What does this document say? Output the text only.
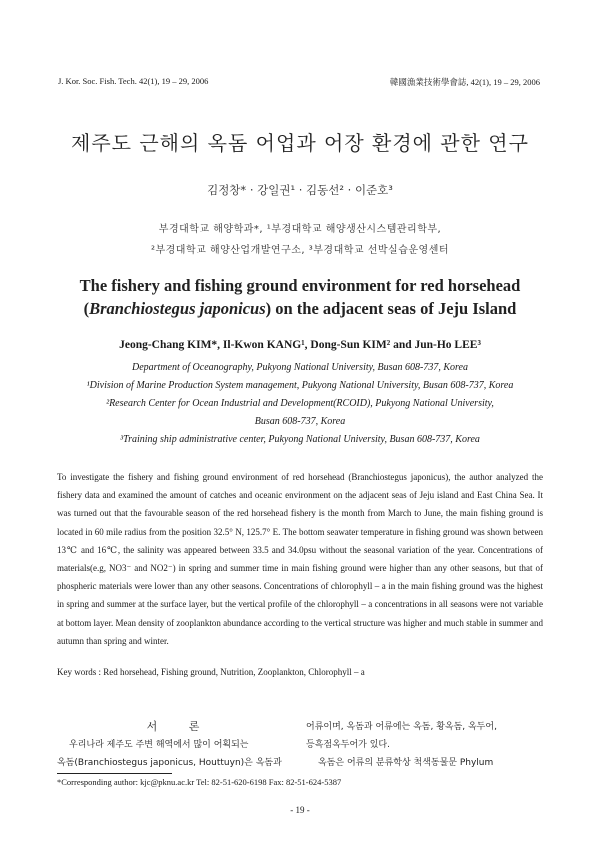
J. Kor. Soc. Fish. Tech. 42(1), 19 – 29, 2006	韓國漁業技術學會誌, 42(1), 19 – 29, 2006
제주도 근해의 옥돔 어업과 어장 환경에 관한 연구
김정창* · 강일권¹ · 김동선² · 이준호³
부경대학교 해양학과*, ¹부경대학교 해양생산시스템관리학부,
²부경대학교 해양산업개발연구소, ³부경대학교 선박실습운영센터
The fishery and fishing ground environment for red horsehead
(Branchiostegus japonicus) on the adjacent seas of Jeju Island
Jeong-Chang KIM*, Il-Kwon KANG¹, Dong-Sun KIM² and Jun-Ho LEE³
Department of Oceanography, Pukyong National University, Busan 608-737, Korea
¹Division of Marine Production System management, Pukyong National University, Busan 608-737, Korea
²Research Center for Ocean Industrial and Development(RCOID), Pukyong National University,
Busan 608-737, Korea
³Training ship administrative center, Pukyong National University, Busan 608-737, Korea
To investigate the fishery and fishing ground environment of red horsehead (Branchiostegus japonicus), the author analyzed the fishery data and examined the amount of catches and oceanic environment on the adjacent seas of Jeju island and East China Sea. It was turned out that the favourable season of the red horsehead fishery is the month from March to June, the main fishing ground is located in 60 mile radius from the position 32.5° N, 125.7° E. The bottom seawater temperature in fishing ground was shown between 13℃ and 16℃, the salinity was appeared between 33.5 and 34.0psu without the seasonal variation of the year. Concentrations of materials(e.g, NO3⁻ and NO2⁻) in spring and summer time in main fishing ground were higher than any other seasons, but that of phospheric materials were lower than any other seasons. Concentrations of chlorophyll – a in the main fishing ground was the highest in spring and summer at the surface layer, but the vertical profile of the chlorophyll – a concentrations in all seasons were not variable at bottom layer. Mean density of zooplankton abundance according to the vertical structure was higher and much stable in summer and autumn than spring and winter.
Key words : Red horsehead, Fishing ground, Nutrition, Zooplankton, Chlorophyll – a
서 론
우리나라 제주도 주변 해역에서 많이 어획되는
옥돔(Branchiostegus japonicus, Houttuyn)은 옥돔과
어류이며, 옥돔과 어류에는 옥돔, 황옥돔, 옥두어,
등흑점옥두어가 있다.
옥돔은 어류의 분류학상 척색동물문 Phylum
*Corresponding author: kjc@pknu.ac.kr Tel: 82-51-620-6198 Fax: 82-51-624-5387
- 19 -
